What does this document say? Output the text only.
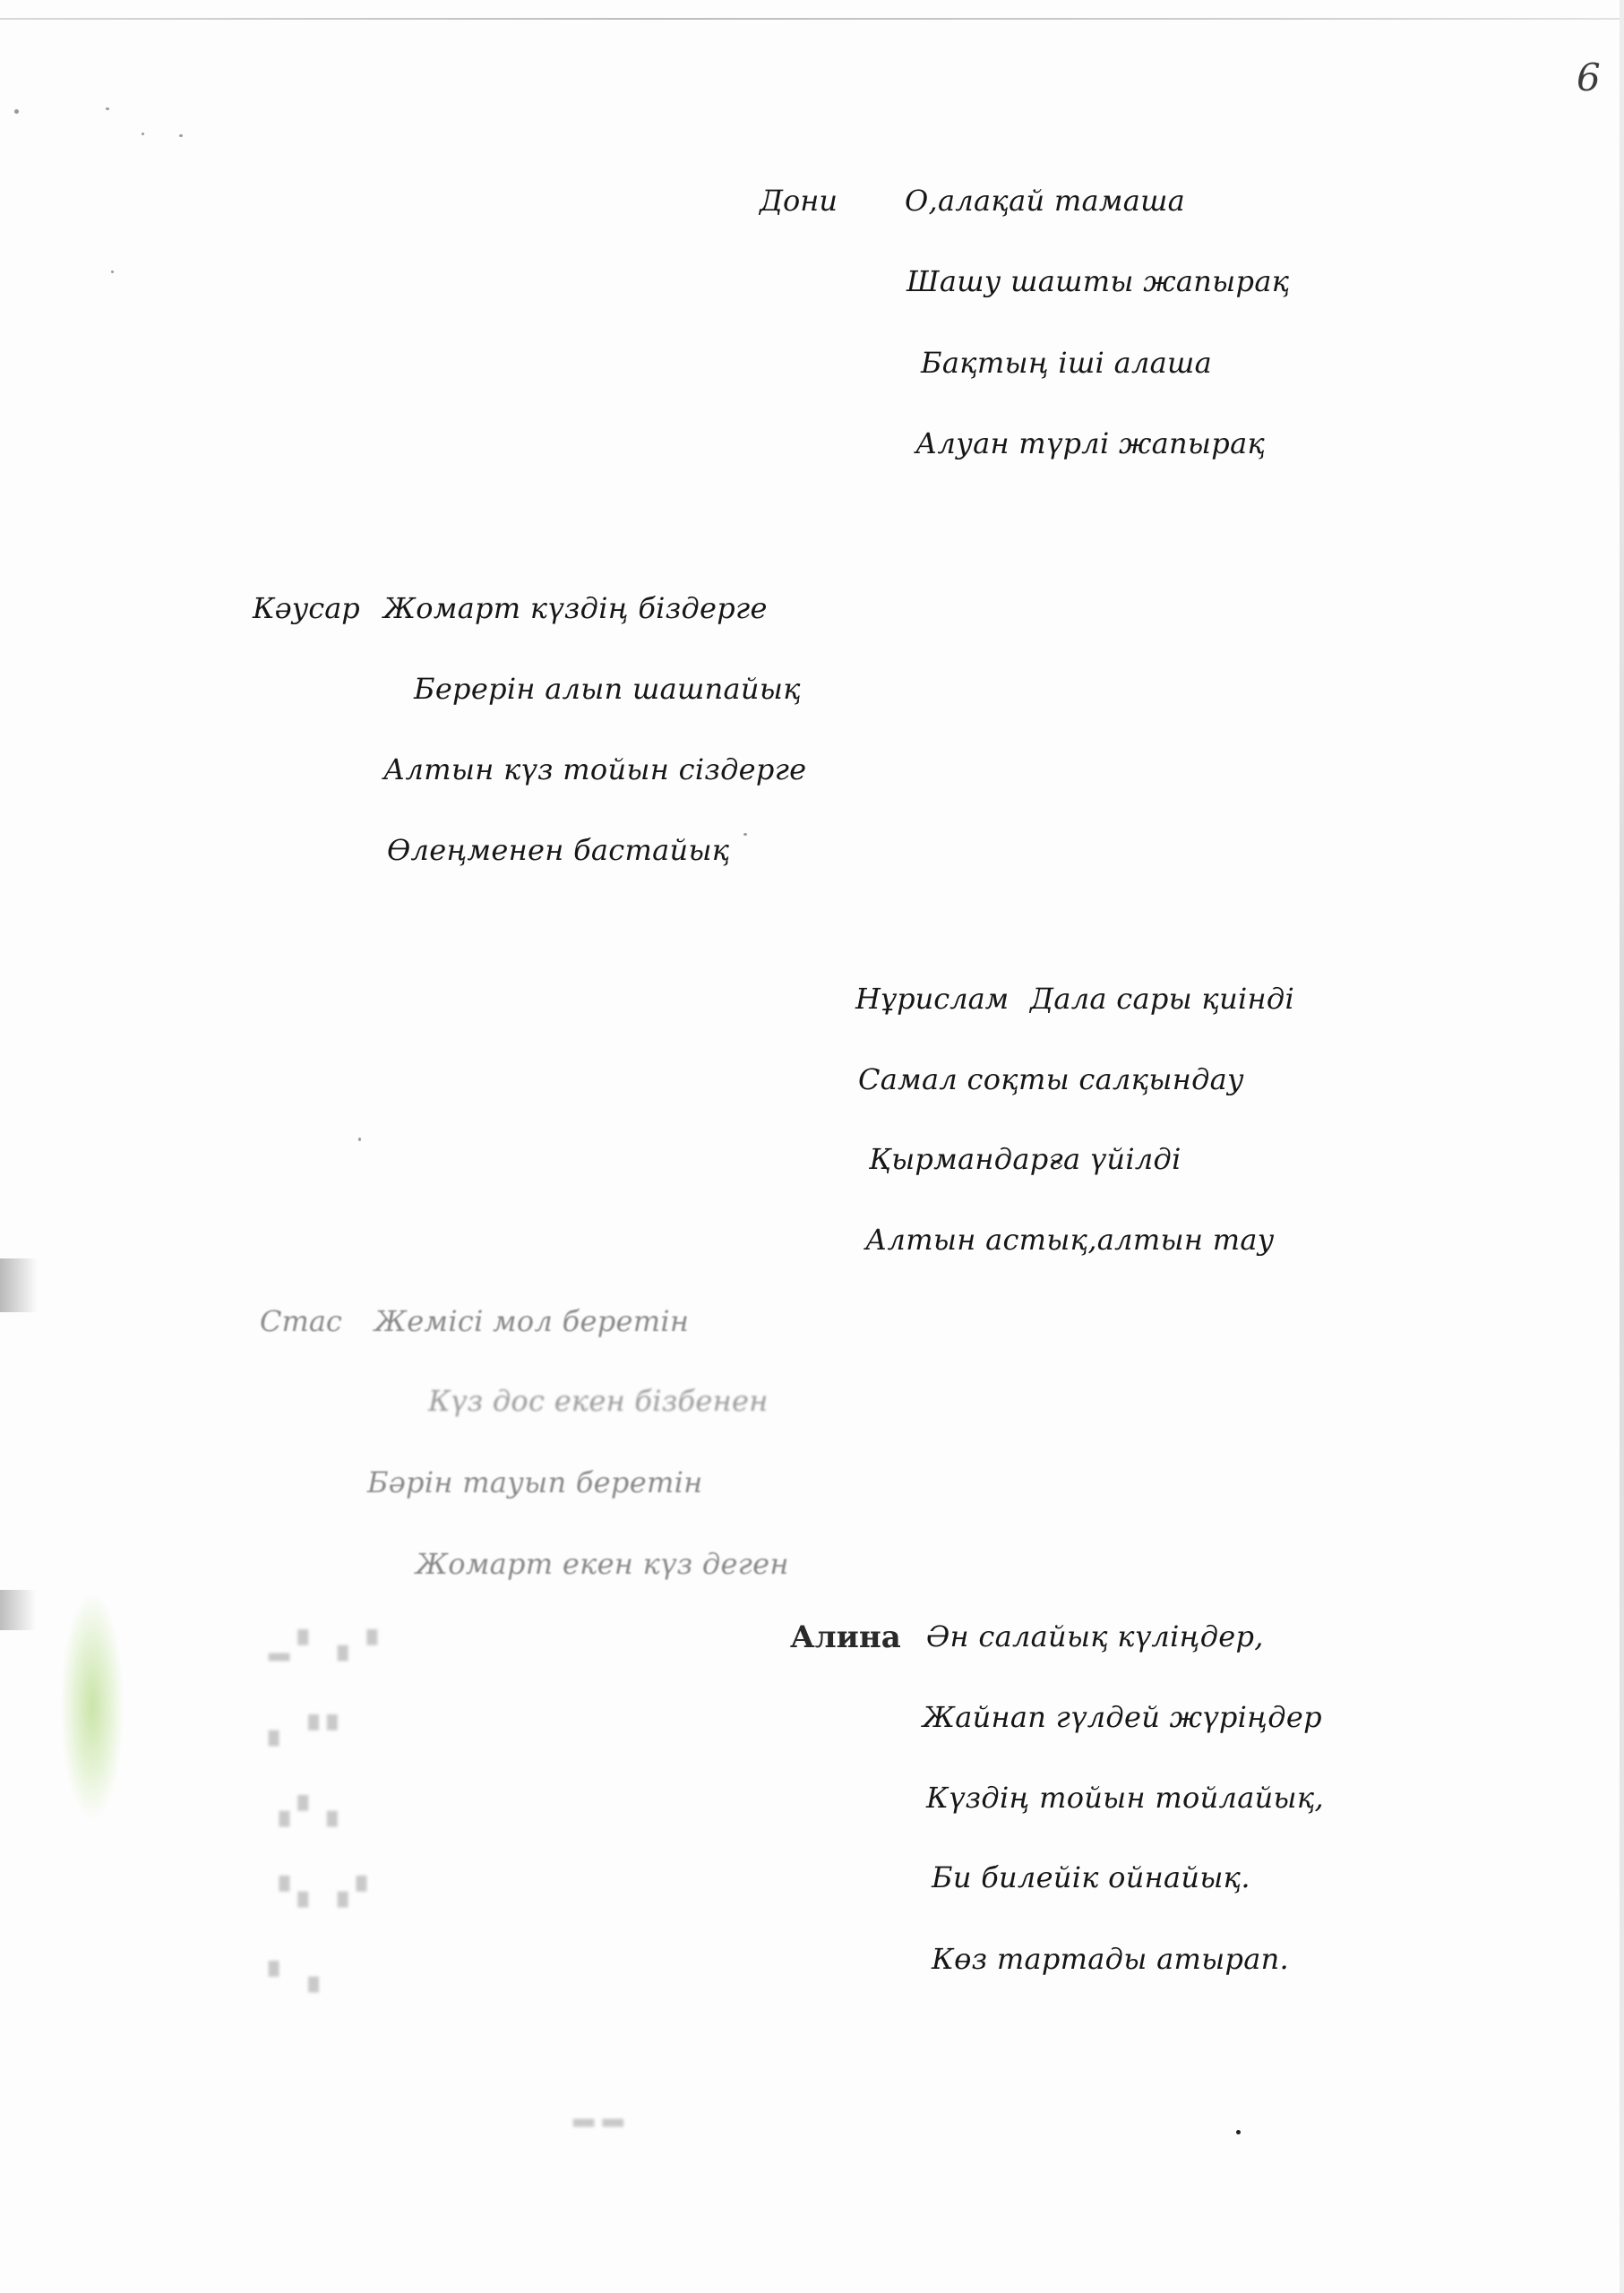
▂ ▘ ▗ ▝
▖ ▝ ▘
▗ ▘ ▖
▝ ▖ ▗ ▘
▘ ▗
▂ ▂
6
Дони О,алақай тамаша
Шашу шашты жапырақ
Бақтың іші алаша
Алуан түрлі жапырақ
Кәусар Жомарт күздің біздерге
Берерін алып шашпайық
Алтын күз тойын сіздерге
Өлеңменен бастайық
Нұрислам Дала сары қиінді
Самал соқты салқындау
Қырмандарға үйілді
Алтын астық,алтын тау
Стас Жемісі мол беретін
Күз дос екен бізбенен
Бәрін тауып беретін
Жомарт екен күз деген
Алина Ән салайық күліңдер,
Жайнап гүлдей жүріңдер
Күздің тойын тойлайық,
Би билейік ойнайық.
Көз тартады атырап.
